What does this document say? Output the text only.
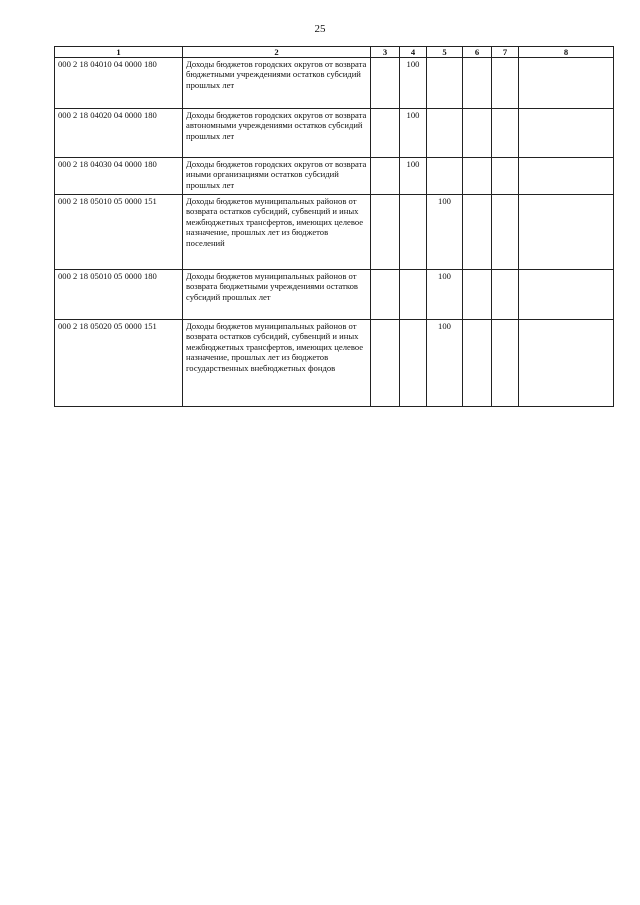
25
1	2	3	4	5	6	7	8
000 2 18 04010 04 0000 180	Доходы бюджетов городских округов от возврата бюджетными учреждениями остатков субсидий прошлых лет		100				
000 2 18 04020 04 0000 180	Доходы бюджетов городских округов от возврата автономными учреждениями остатков субсидий прошлых лет		100				
000 2 18 04030 04 0000 180	Доходы бюджетов городских округов от возврата иными организациями остатков субсидий прошлых лет		100				
000 2 18 05010 05 0000 151	Доходы бюджетов муниципальных районов от возврата остатков субсидий, субвенций и иных межбюджетных трансфертов, имеющих целевое назначение, прошлых лет из бюджетов поселений			100			
000 2 18 05010 05 0000 180	Доходы бюджетов муниципальных районов от возврата бюджетными учреждениями остатков субсидий прошлых лет			100			
000 2 18 05020 05 0000 151	Доходы бюджетов муниципальных районов от возврата остатков субсидий, субвенций и иных межбюджетных трансфертов, имеющих целевое назначение, прошлых лет из бюджетов государственных внебюджетных фондов			100			
